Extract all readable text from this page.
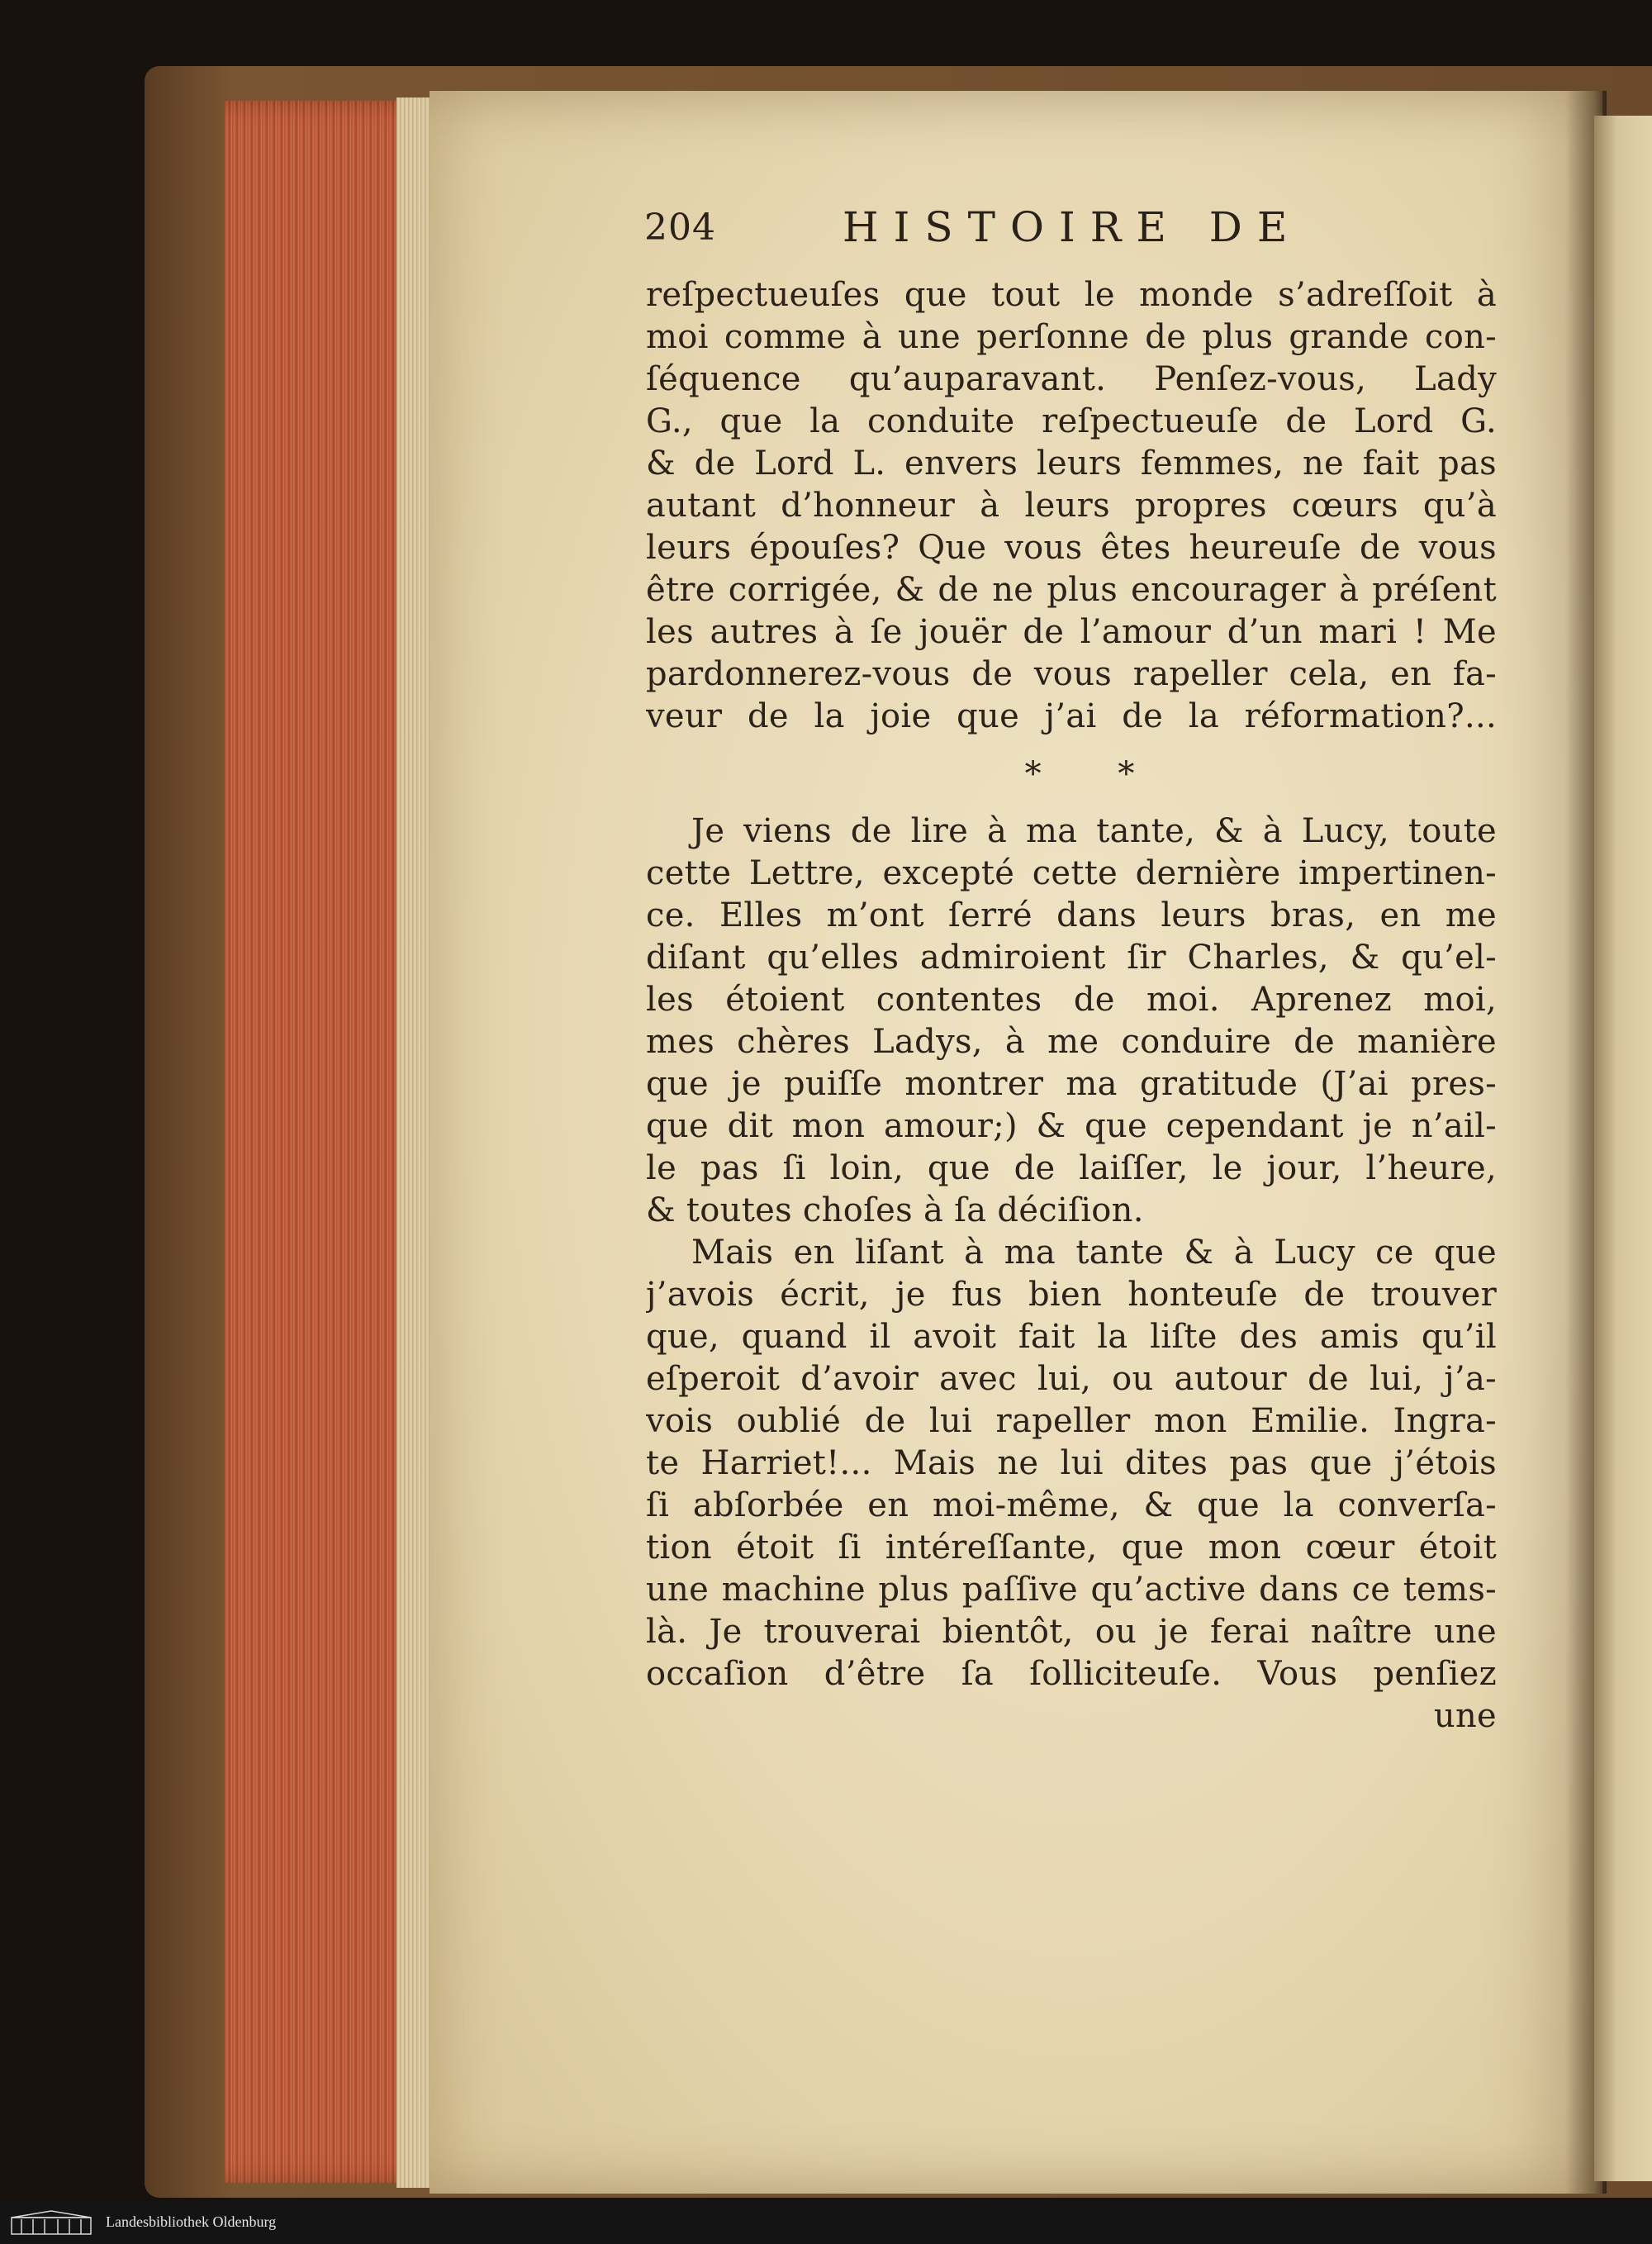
204	HISTOIRE DE
reſpectueuſes que tout le monde s’adreſſoit à
moi comme à une perſonne de plus grande con-
ſéquence qu’auparavant. Penſez-vous, Lady
G., que la conduite reſpectueuſe de Lord G.
& de Lord L. envers leurs femmes, ne fait pas
autant d’honneur à leurs propres cœurs qu’à
leurs épouſes? Que vous êtes heureuſe de vous
être corrigée, & de ne plus encourager à préſent
les autres à ſe jouër de l’amour d’un mari ! Me
pardonnerez-vous de vous rapeller cela, en fa-
veur de la joie que j’ai de la réformation?...
* *
Je viens de lire à ma tante, & à Lucy, toute
cette Lettre, excepté cette dernière impertinen-
ce. Elles m’ont ſerré dans leurs bras, en me
diſant qu’elles admiroient ſir Charles, & qu’el-
les étoient contentes de moi. Aprenez moi,
mes chères Ladys, à me conduire de manière
que je puiſſe montrer ma gratitude (J’ai pres-
que dit mon amour;) & que cependant je n’ail-
le pas ſi loin, que de laiſſer, le jour, l’heure,
& toutes choſes à ſa déciſion.
Mais en liſant à ma tante & à Lucy ce que
j’avois écrit, je fus bien honteuſe de trouver
que, quand il avoit fait la liſte des amis qu’il
eſperoit d’avoir avec lui, ou autour de lui, j’a-
vois oublié de lui rapeller mon Emilie. Ingra-
te Harriet!... Mais ne lui dites pas que j’étois
ſi abſorbée en moi-même, & que la converſa-
tion étoit ſi intéreſſante, que mon cœur étoit
une machine plus paſſive qu’active dans ce tems-
là. Je trouverai bientôt, ou je ferai naître une
occaſion d’être ſa ſolliciteuſe. Vous penſiez
une
Landesbibliothek Oldenburg
